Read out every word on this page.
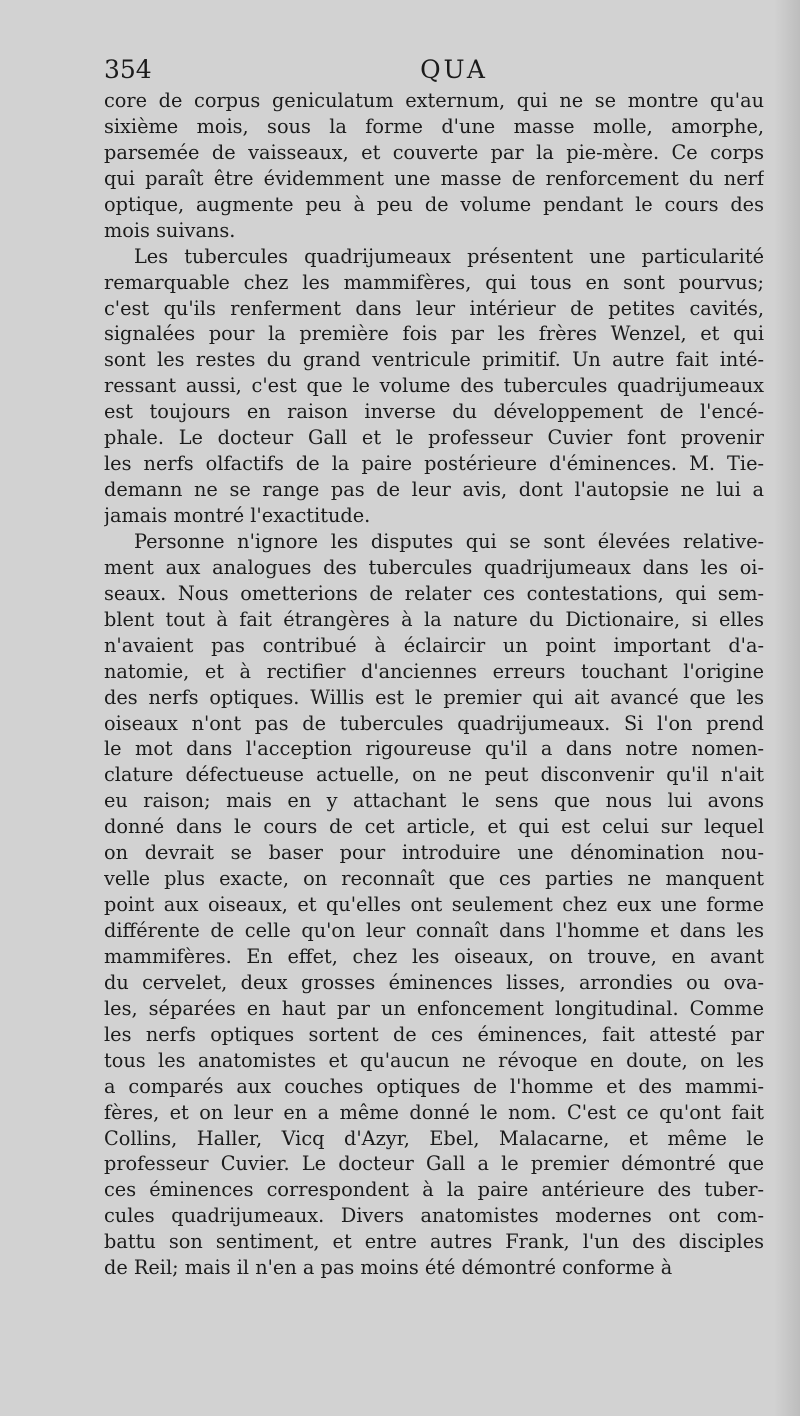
354	QUA
core de corpus geniculatum externum, qui ne se montre qu'au
sixième mois, sous la forme d'une masse molle, amorphe,
parsemée de vaisseaux, et couverte par la pie-mère. Ce corps
qui paraît être évidemment une masse de renforcement du nerf
optique, augmente peu à peu de volume pendant le cours des
mois suivans.
Les tubercules quadrijumeaux présentent une particularité
remarquable chez les mammifères, qui tous en sont pourvus;
c'est qu'ils renferment dans leur intérieur de petites cavités,
signalées pour la première fois par les frères Wenzel, et qui
sont les restes du grand ventricule primitif. Un autre fait inté-
ressant aussi, c'est que le volume des tubercules quadrijumeaux
est toujours en raison inverse du développement de l'encé-
phale. Le docteur Gall et le professeur Cuvier font provenir
les nerfs olfactifs de la paire postérieure d'éminences. M. Tie-
demann ne se range pas de leur avis, dont l'autopsie ne lui a
jamais montré l'exactitude.
Personne n'ignore les disputes qui se sont élevées relative-
ment aux analogues des tubercules quadrijumeaux dans les oi-
seaux. Nous ometterions de relater ces contestations, qui sem-
blent tout à fait étrangères à la nature du Dictionaire, si elles
n'avaient pas contribué à éclaircir un point important d'a-
natomie, et à rectifier d'anciennes erreurs touchant l'origine
des nerfs optiques. Willis est le premier qui ait avancé que les
oiseaux n'ont pas de tubercules quadrijumeaux. Si l'on prend
le mot dans l'acception rigoureuse qu'il a dans notre nomen-
clature défectueuse actuelle, on ne peut disconvenir qu'il n'ait
eu raison; mais en y attachant le sens que nous lui avons
donné dans le cours de cet article, et qui est celui sur lequel
on devrait se baser pour introduire une dénomination nou-
velle plus exacte, on reconnaît que ces parties ne manquent
point aux oiseaux, et qu'elles ont seulement chez eux une forme
différente de celle qu'on leur connaît dans l'homme et dans les
mammifères. En effet, chez les oiseaux, on trouve, en avant
du cervelet, deux grosses éminences lisses, arrondies ou ova-
les, séparées en haut par un enfoncement longitudinal. Comme
les nerfs optiques sortent de ces éminences, fait attesté par
tous les anatomistes et qu'aucun ne révoque en doute, on les
a comparés aux couches optiques de l'homme et des mammi-
fères, et on leur en a même donné le nom. C'est ce qu'ont fait
Collins, Haller, Vicq d'Azyr, Ebel, Malacarne, et même le
professeur Cuvier. Le docteur Gall a le premier démontré que
ces éminences correspondent à la paire antérieure des tuber-
cules quadrijumeaux. Divers anatomistes modernes ont com-
battu son sentiment, et entre autres Frank, l'un des disciples
de Reil; mais il n'en a pas moins été démontré conforme à
